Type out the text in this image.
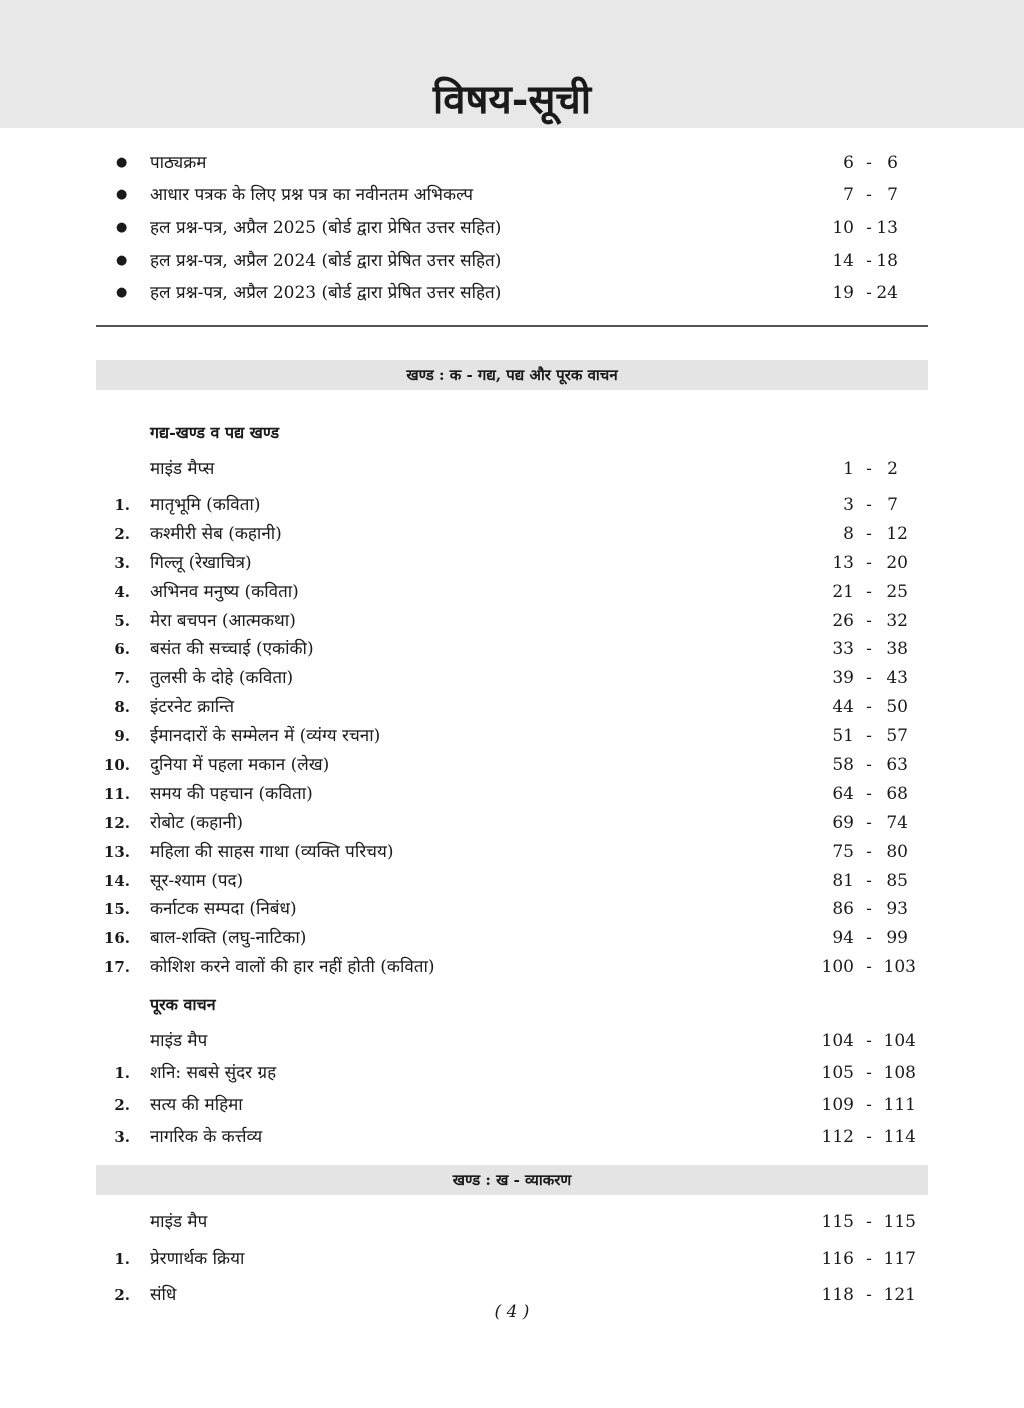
विषय-सूची
● पाठ्यक्रम	6 - 6
● आधार पत्रक के लिए प्रश्न पत्र का नवीनतम अभिकल्प	7 - 7
● हल प्रश्न-पत्र, अप्रैल 2025 (बोर्ड द्वारा प्रेषित उत्तर सहित)	10 - 13
● हल प्रश्न-पत्र, अप्रैल 2024 (बोर्ड द्वारा प्रेषित उत्तर सहित)	14 - 18
● हल प्रश्न-पत्र, अप्रैल 2023 (बोर्ड द्वारा प्रेषित उत्तर सहित)	19 - 24
खण्ड : क - गद्य, पद्य और पूरक वाचन
गद्य-खण्ड व पद्य खण्ड
माइंड मैप्स	1 - 2
1. मातृभूमि (कविता)	3 - 7
2. कश्मीरी सेब (कहानी)	8 - 12
3. गिल्लू (रेखाचित्र)	13 - 20
4. अभिनव मनुष्य (कविता)	21 - 25
5. मेरा बचपन (आत्मकथा)	26 - 32
6. बसंत की सच्चाई (एकांकी)	33 - 38
7. तुलसी के दोहे (कविता)	39 - 43
8. इंटरनेट क्रान्ति	44 - 50
9. ईमानदारों के सम्मेलन में (व्यंग्य रचना)	51 - 57
10. दुनिया में पहला मकान (लेख)	58 - 63
11. समय की पहचान (कविता)	64 - 68
12. रोबोट (कहानी)	69 - 74
13. महिला की साहस गाथा (व्यक्ति परिचय)	75 - 80
14. सूर-श्याम (पद)	81 - 85
15. कर्नाटक सम्पदा (निबंध)	86 - 93
16. बाल-शक्ति (लघु-नाटिका)	94 - 99
17. कोशिश करने वालों की हार नहीं होती (कविता)	100 - 103
पूरक वाचन
माइंड मैप	104 - 104
1. शनि: सबसे सुंदर ग्रह	105 - 108
2. सत्य की महिमा	109 - 111
3. नागरिक के कर्त्तव्य	112 - 114
खण्ड : ख - व्याकरण
माइंड मैप	115 - 115
1. प्रेरणार्थक क्रिया	116 - 117
2. संधि	118 - 121
( 4 )
